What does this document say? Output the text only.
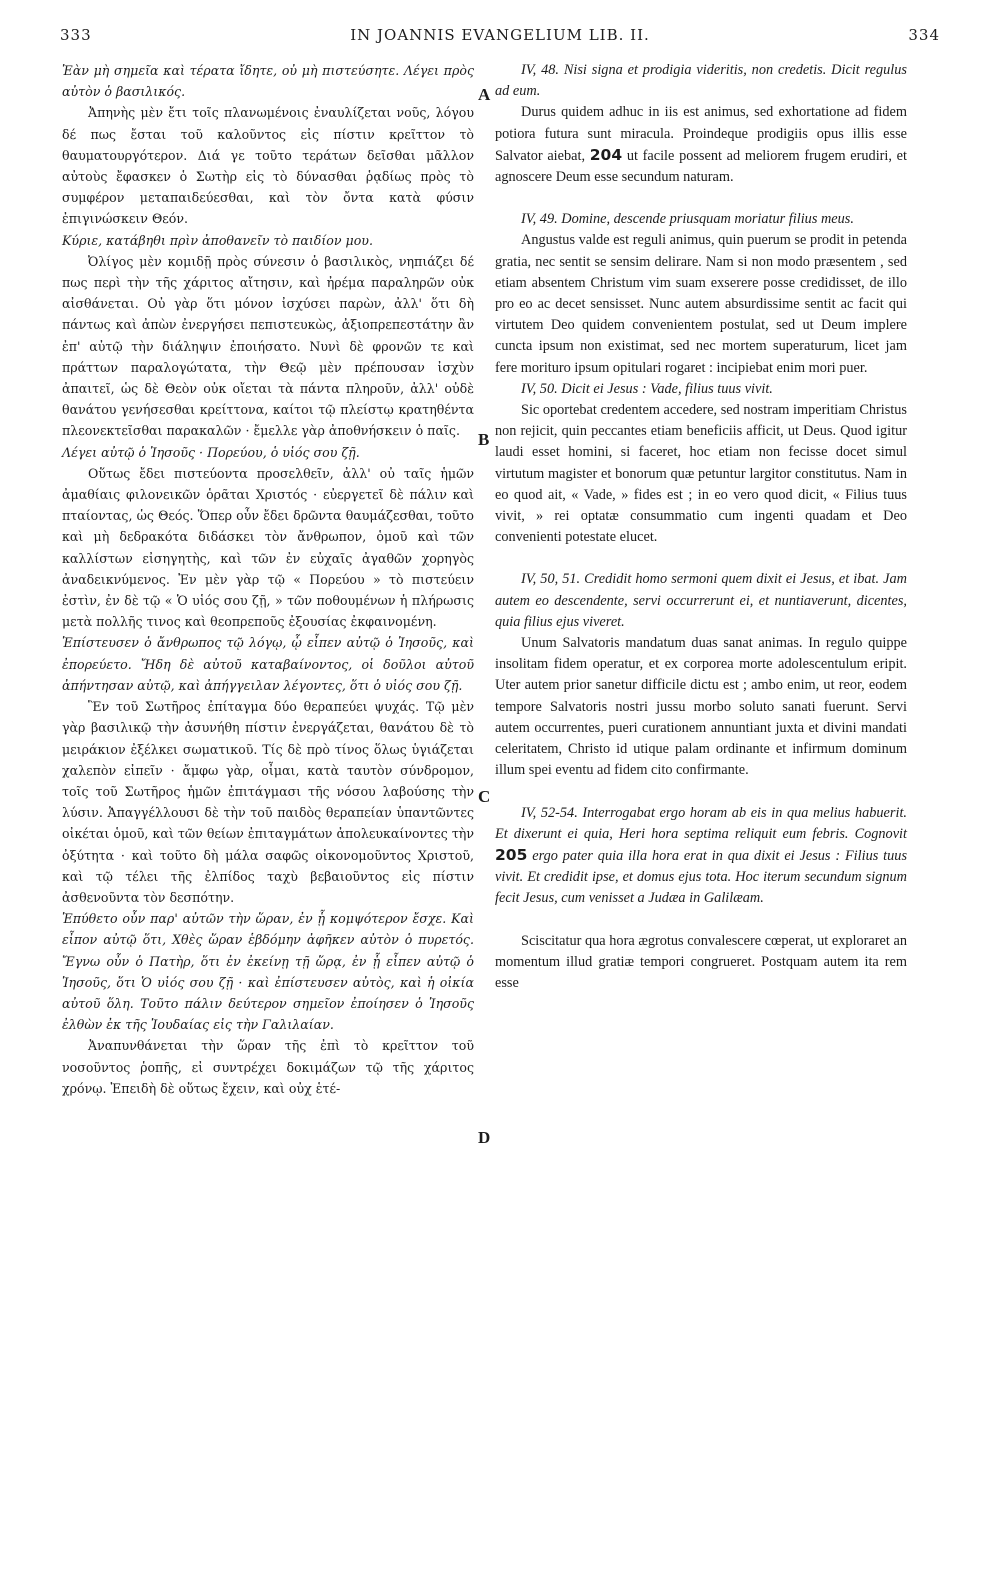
333	IN JOANNIS EVANGELIUM LIB. II.	334

Ἐὰν μὴ σημεῖα καὶ τέρατα ἴδητε, οὐ μὴ πιστεύσητε. Λέγει πρὸς αὐτὸν ὁ βασιλικός.

Ἀπηνὴς μὲν ἔτι τοῖς πλανωμένοις ἐναυλίζεται νοῦς, λόγου δέ πως ἔσται τοῦ καλοῦντος εἰς πίστιν κρεῖττον τὸ θαυματουργότερον. Διά γε τοῦτο τεράτων δεῖσθαι μᾶλλον αὐτοὺς ἔφασκεν ὁ Σωτὴρ εἰς τὸ δύνασθαι ῥᾳδίως πρὸς τὸ συμφέρον μεταπαιδεύεσθαι, καὶ τὸν ὄντα κατὰ φύσιν ἐπιγινώσκειν Θεόν.

Κύριε, κατάβηθι πρὶν ἀποθανεῖν τὸ παιδίον μου.

Ὀλίγος μὲν κομιδῇ πρὸς σύνεσιν ὁ βασιλικὸς, νηπιάζει δέ πως περὶ τὴν τῆς χάριτος αἴτησιν, καὶ ἠρέμα παραληρῶν οὐκ αἰσθάνεται. Οὐ γὰρ ὅτι μόνον ἰσχύσει παρὼν, ἀλλ' ὅτι δὴ πάντως καὶ ἀπὼν ἐνεργήσει πεπιστευκὼς, ἀξιοπρεπεστάτην ἂν ἐπ' αὐτῷ τὴν διάληψιν ἐποιήσατο. Νυνὶ δὲ φρονῶν τε καὶ πράττων παραλογώτατα, τὴν Θεῷ μὲν πρέπουσαν ἰσχὺν ἀπαιτεῖ, ὡς δὲ Θεὸν οὐκ οἴεται τὰ πάντα πληροῦν, ἀλλ' οὐδὲ θανάτου γενήσεσθαι κρείττονα, καίτοι τῷ πλείστῳ κρατηθέντα πλεονεκτεῖσθαι παρακαλῶν · ἔμελλε γὰρ ἀποθνήσκειν ὁ παῖς.

Λέγει αὐτῷ ὁ Ἰησοῦς · Πορεύου, ὁ υἱός σου ζῇ.

Οὕτως ἔδει πιστεύοντα προσελθεῖν, ἀλλ' οὐ ταῖς ἡμῶν ἀμαθίαις φιλονεικῶν ὁρᾶται Χριστός · εὐεργετεῖ δὲ πάλιν καὶ πταίοντας, ὡς Θεός. Ὅπερ οὖν ἔδει δρῶντα θαυμάζεσθαι, τοῦτο καὶ μὴ δεδρακότα διδάσκει τὸν ἄνθρωπον, ὁμοῦ καὶ τῶν καλλίστων εἰσηγητὴς, καὶ τῶν ἐν εὐχαῖς ἀγαθῶν χορηγὸς ἀναδεικνύμενος. Ἐν μὲν γὰρ τῷ « Πορεύου » τὸ πιστεύειν ἐστὶν, ἐν δὲ τῷ « Ὁ υἱός σου ζῇ, » τῶν ποθουμένων ἡ πλήρωσις μετὰ πολλῆς τινος καὶ θεοπρεποῦς ἐξουσίας ἐκφαινομένη.

Ἐπίστευσεν ὁ ἄνθρωπος τῷ λόγῳ, ᾧ εἶπεν αὐτῷ ὁ Ἰησοῦς, καὶ ἐπορεύετο. Ἤδη δὲ αὐτοῦ καταβαίνοντος, οἱ δοῦλοι αὐτοῦ ἀπήντησαν αὐτῷ, καὶ ἀπήγγειλαν λέγοντες, ὅτι ὁ υἱός σου ζῇ.

Ἓν τοῦ Σωτῆρος ἐπίταγμα δύο θεραπεύει ψυχάς. Τῷ μὲν γὰρ βασιλικῷ τὴν ἀσυνήθη πίστιν ἐνεργάζεται, θανάτου δὲ τὸ μειράκιον ἐξέλκει σωματικοῦ. Τίς δὲ πρὸ τίνος ὅλως ὑγιάζεται χαλεπὸν εἰπεῖν · ἄμφω γὰρ, οἶμαι, κατὰ ταυτὸν σύνδρομον, τοῖς τοῦ Σωτῆρος ἡμῶν ἐπιτάγμασι τῆς νόσου λαβούσης τὴν λύσιν. Ἀπαγγέλλουσι δὲ τὴν τοῦ παιδὸς θεραπείαν ὑπαντῶντες οἰκέται ὁμοῦ, καὶ τῶν θείων ἐπιταγμάτων ἀπολευκαίνοντες τὴν ὀξύτητα · καὶ τοῦτο δὴ μάλα σαφῶς οἰκονομοῦντος Χριστοῦ, καὶ τῷ τέλει τῆς ἐλπίδος ταχὺ βεβαιοῦντος εἰς πίστιν ἀσθενοῦντα τὸν δεσπότην.

Ἐπύθετο οὖν παρ' αὐτῶν τὴν ὥραν, ἐν ᾗ κομψότερον ἔσχε. Καὶ εἶπον αὐτῷ ὅτι, Χθὲς ὥραν ἑβδόμην ἀφῆκεν αὐτὸν ὁ πυρετός. Ἔγνω οὖν ὁ Πατὴρ, ὅτι ἐν ἐκείνῃ τῇ ὥρᾳ, ἐν ᾗ εἶπεν αὐτῷ ὁ Ἰησοῦς, ὅτι Ὁ υἱός σου ζῇ · καὶ ἐπίστευσεν αὐτὸς, καὶ ἡ οἰκία αὐτοῦ ὅλη. Τοῦτο πάλιν δεύτερον σημεῖον ἐποίησεν ὁ Ἰησοῦς ἐλθὼν ἐκ τῆς Ἰουδαίας εἰς τὴν Γαλιλαίαν.

Ἀναπυνθάνεται τὴν ὥραν τῆς ἐπὶ τὸ κρεῖττον τοῦ νοσοῦντος ῥοπῆς, εἰ συντρέχει δοκιμάζων τῷ τῆς χάριτος χρόνῳ. Ἐπειδὴ δὲ οὕτως ἔχειν, καὶ οὐχ ἑτέ-

IV, 48. Nisi signa et prodigia videritis, non credetis. Dicit regulus ad eum.

Durus quidem adhuc in iis est animus, sed exhortatione ad fidem potiora futura sunt miracula. Proindeque prodigiis opus illis esse Salvator aiebat, 204 ut facile possent ad meliorem frugem erudiri, et agnoscere Deum esse secundum naturam.

IV, 49. Domine, descende priusquam moriatur filius meus.

Angustus valde est reguli animus, quin puerum se prodit in petenda gratia, nec sentit se sensim delirare. Nam si non modo præsentem , sed etiam absentem Christum vim suam exserere posse credidisset, de illo pro eo ac decet sensisset. Nunc autem absurdissime sentit ac facit qui virtutem Deo quidem convenientem postulat, sed ut Deum implere cuncta ipsum non existimat, sed nec mortem superaturum, licet jam fere morituro ipsum opitulari rogaret : incipiebat enim mori puer.

IV, 50. Dicit ei Jesus : Vade, filius tuus vivit.

Sic oportebat credentem accedere, sed nostram imperitiam Christus non rejicit, quin peccantes etiam beneficiis afficit, ut Deus. Quod igitur laudi esset homini, si faceret, hoc etiam non fecisse docet simul virtutum magister et bonorum quæ petuntur largitor constitutus. Nam in eo quod ait, « Vade, » fides est ; in eo vero quod dicit, « Filius tuus vivit, » rei optatæ consummatio cum ingenti quadam et Deo convenienti potestate elucet.

IV, 50, 51. Credidit homo sermoni quem dixit ei Jesus, et ibat. Jam autem eo descendente, servi occurrerunt ei, et nuntiaverunt, dicentes, quia filius ejus viveret.

Unum Salvatoris mandatum duas sanat animas. In regulo quippe insolitam fidem operatur, et ex corporea morte adolescentulum eripit. Uter autem prior sanetur difficile dictu est ; ambo enim, ut reor, eodem tempore Salvatoris nostri jussu morbo soluto sanati fuerunt. Servi autem occurrentes, pueri curationem annuntiant juxta et divini mandati celeritatem, Christo id utique palam ordinante et infirmum dominum illum spei eventu ad fidem cito confirmante.

IV, 52-54. Interrogabat ergo horam ab eis in qua melius habuerit. Et dixerunt ei quia, Heri hora septima reliquit eum febris. Cognovit 205 ergo pater quia illa hora erat in qua dixit ei Jesus : Filius tuus vivit. Et credidit ipse, et domus ejus tota. Hoc iterum secundum signum fecit Jesus, cum venisset a Judæa in Galilæam.

Sciscitatur qua hora ægrotus convalescere cœperat, ut exploraret an momentum illud gratiæ tempori congrueret. Postquam autem ita rem esse

A
B
C
D
